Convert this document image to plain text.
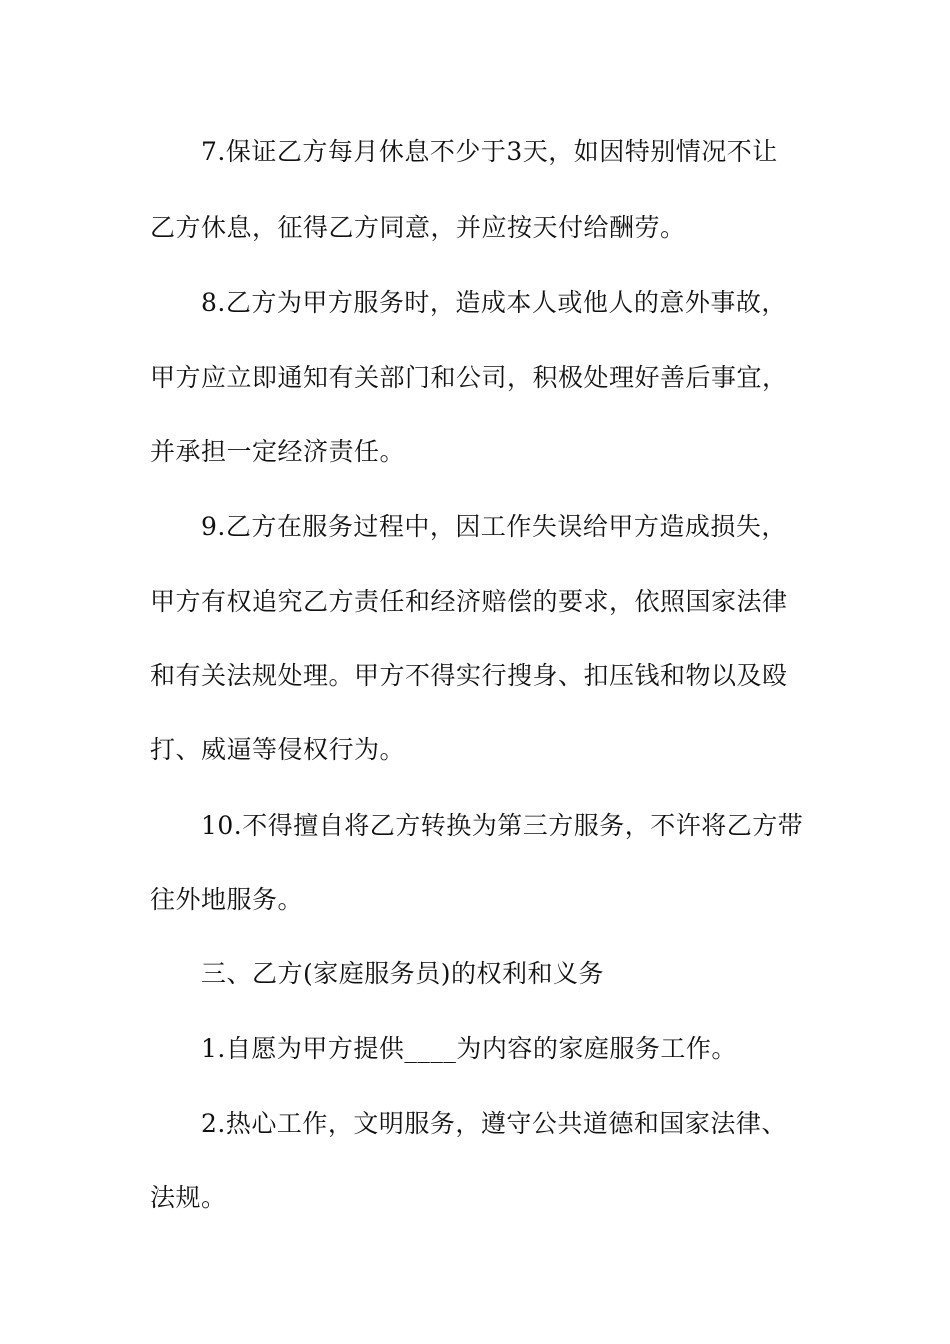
7.保证乙方每月休息不少于3天，如因特别情况不让
乙方休息，征得乙方同意，并应按天付给酬劳。
8.乙方为甲方服务时，造成本人或他人的意外事故，
甲方应立即通知有关部门和公司，积极处理好善后事宜，
并承担一定经济责任。
9.乙方在服务过程中，因工作失误给甲方造成损失，
甲方有权追究乙方责任和经济赔偿的要求，依照国家法律
和有关法规处理。甲方不得实行搜身、扣压钱和物以及殴
打、威逼等侵权行为。
10.不得擅自将乙方转换为第三方服务，不许将乙方带
往外地服务。
三、乙方(家庭服务员)的权利和义务
1.自愿为甲方提供____为内容的家庭服务工作。
2.热心工作，文明服务，遵守公共道德和国家法律、
法规。
